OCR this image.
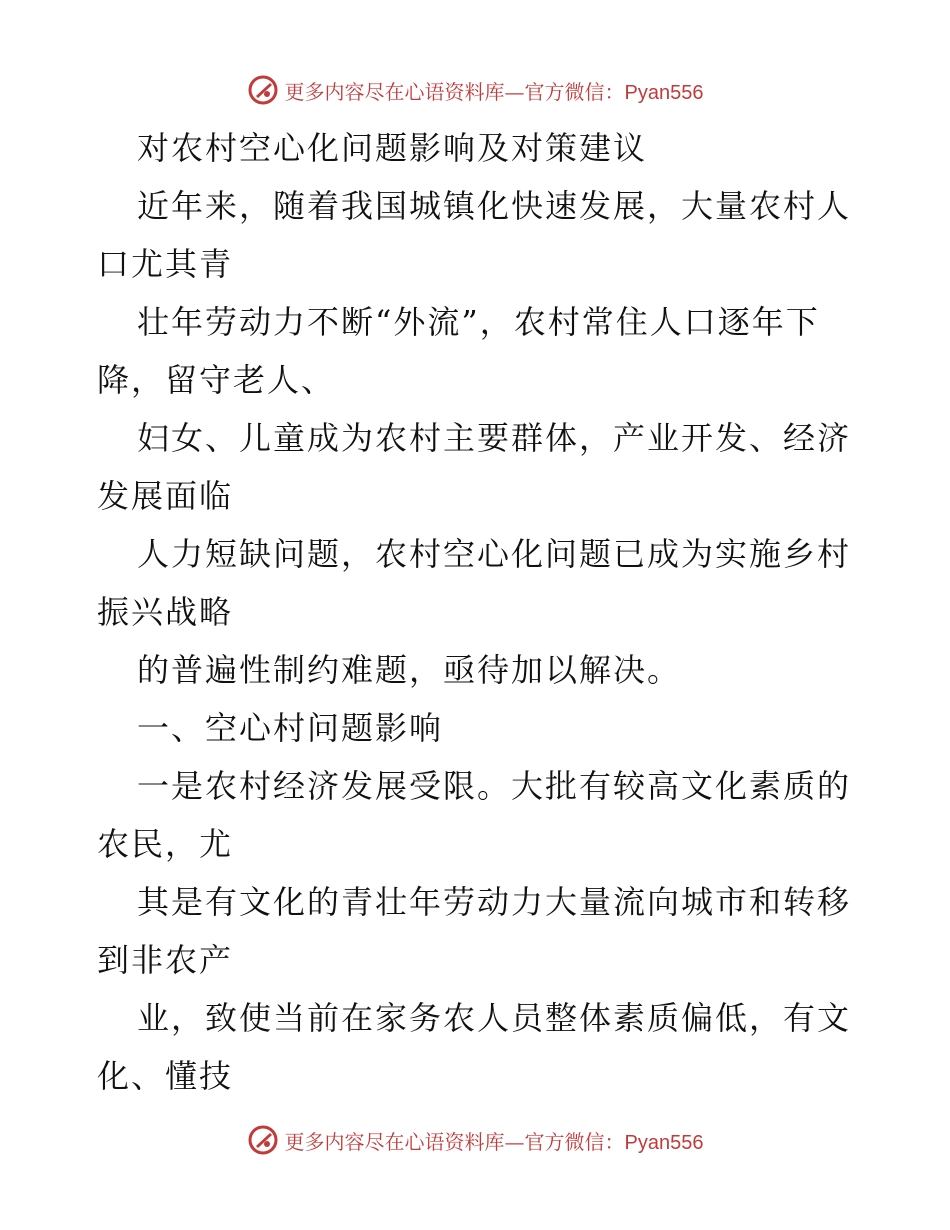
更多内容尽在心语资料库—官方微信：Pyan556
对农村空心化问题影响及对策建议
近年来，随着我国城镇化快速发展，大量农村人
口尤其青
壮年劳动力不断“外流”，农村常住人口逐年下
降，留守老人、
妇女、儿童成为农村主要群体，产业开发、经济
发展面临
人力短缺问题，农村空心化问题已成为实施乡村
振兴战略
的普遍性制约难题，亟待加以解决。
一、空心村问题影响
一是农村经济发展受限。大批有较高文化素质的
农民，尤
其是有文化的青壮年劳动力大量流向城市和转移
到非农产
业，致使当前在家务农人员整体素质偏低，有文
化、懂技
更多内容尽在心语资料库—官方微信：Pyan556
